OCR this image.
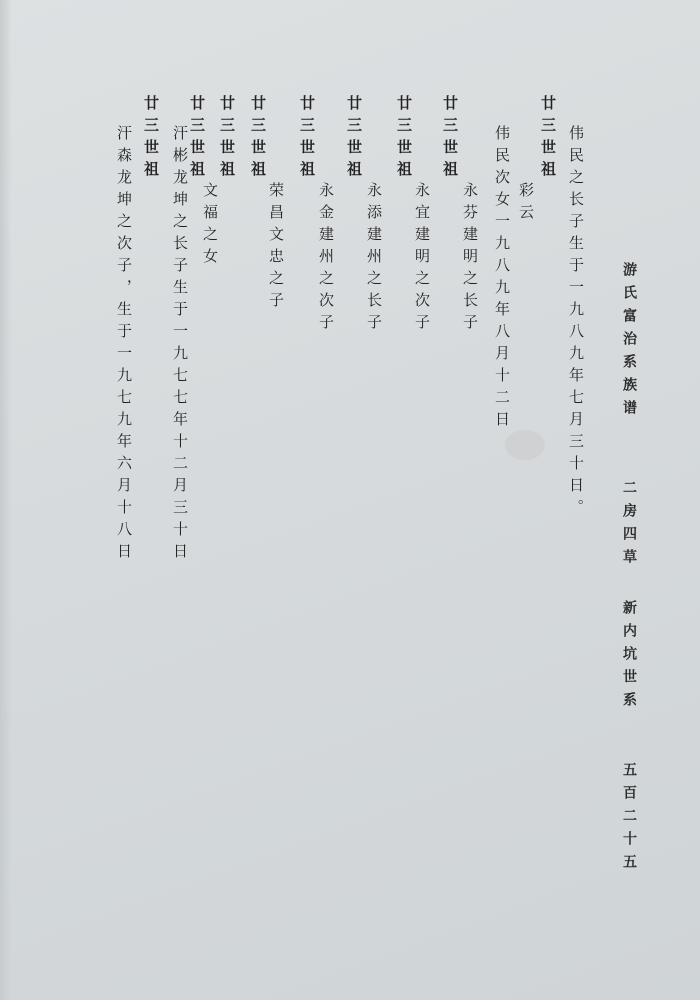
游氏富治系族谱
二房四草
新内坑世系
五百二十五
廿三世祖 伟民之长子生于一九八九年七月三十日。
彩云
伟民次女一九八九年八月十二日
廿三世祖
永芬建明之长子
廿三世祖
永宜建明之次子
廿三世祖
永添建州之长子
廿三世祖
永金建州之次子
廿三世祖
荣昌文忠之子
廿三世祖
文福之女
廿三世祖
汗彬龙坤之长子生于一九七七年十二月三十日
廿三世祖
汗森龙坤之次子，生于一九七九年六月十八日
